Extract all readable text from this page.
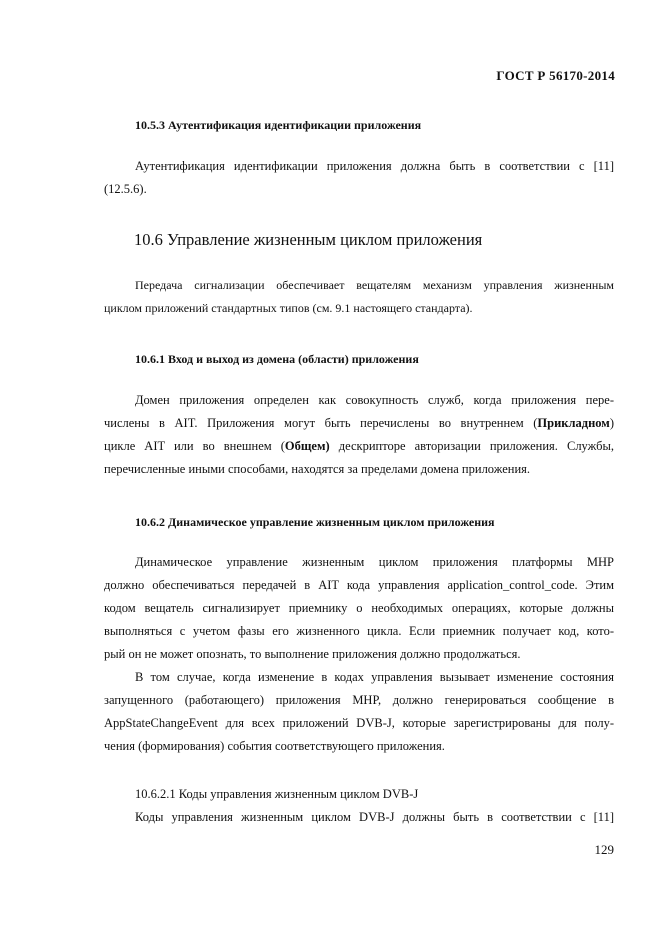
ГОСТ Р 56170-2014
10.5.3 Аутентификация идентификации приложения
Аутентификация идентификации приложения должна быть в соответствии с [11]
(12.5.6).
10.6 Управление жизненным циклом приложения
Передача сигнализации обеспечивает вещателям механизм управления жизненным
циклом приложений стандартных типов (см. 9.1 настоящего стандарта).
10.6.1 Вход и выход из домена (области) приложения
Домен приложения определен как совокупность служб, когда приложения пере-
числены в AIT. Приложения могут быть перечислены во внутреннем (Прикладном)
цикле AIT или во внешнем (Общем) дескрипторе авторизации приложения. Службы,
перечисленные иными способами, находятся за пределами домена приложения.
10.6.2 Динамическое управление жизненным циклом приложения
Динамическое управление жизненным циклом приложения платформы MHP
должно обеспечиваться передачей в AIT кода управления application_control_code. Этим
кодом вещатель сигнализирует приемнику о необходимых операциях, которые должны
выполняться с учетом фазы его жизненного цикла. Если приемник получает код, кото-
рый он не может опознать, то выполнение приложения должно продолжаться.
В том случае, когда изменение в кодах управления вызывает изменение состояния
запущенного (работающего) приложения MHP, должно генерироваться сообщение в
AppStateChangeEvent для всех приложений DVB-J, которые зарегистрированы для полу-
чения (формирования) события соответствующего приложения.
10.6.2.1 Коды управления жизненным циклом DVB-J
Коды управления жизненным циклом DVB-J должны быть в соответствии с [11]
129
